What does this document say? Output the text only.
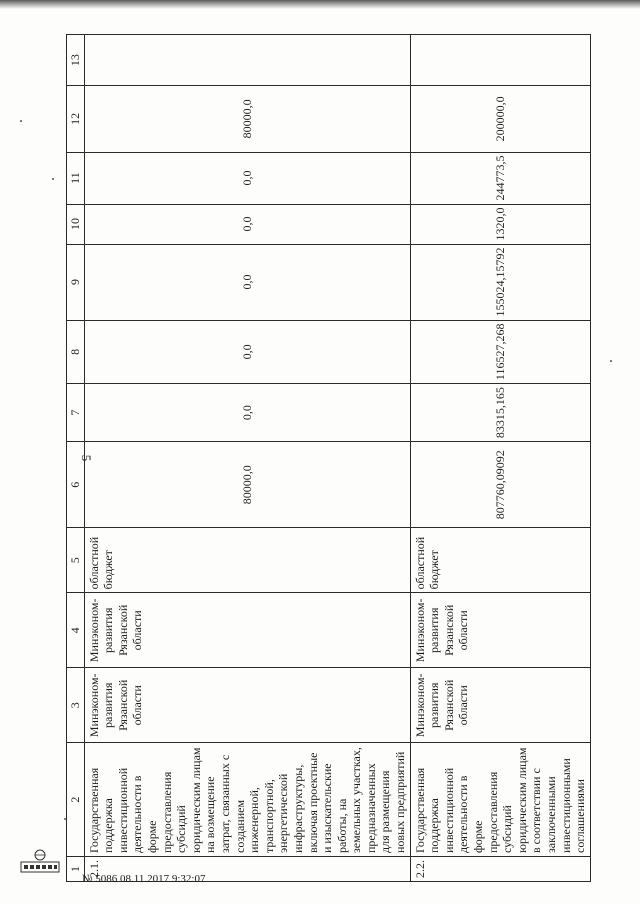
5
1	2	3	4	5	6	7	8	9	10	11	12	13
2.1.	Государственная поддержка инвестиционной деятельности в форме предоставления субсидий юридическим лицам на возмещение затрат, связанных с созданием инженерной, транспортной, энергетической инфраструктуры, включая проектные и изыскательские работы, на земельных участках, предназначенных для размещения новых предприятий	Минэконом-развития Рязанской области	Минэконом-развития Рязанской области	областной бюджет	80000,0	0,0	0,0	0,0	0,0	0,0	80000,0	
2.2.	Государственная поддержка инвестиционной деятельности в форме предоставления субсидий юридическим лицам в соответствии с заключенными инвестиционными соглашениями	Минэконом-развития Рязанской области	Минэконом-развития Рязанской области	областной бюджет	807760,09092	83315,165	116527,268	155024,15792	1320,0	244773,5	200000,0	
№ 5086 08.11.2017 9:32:07
